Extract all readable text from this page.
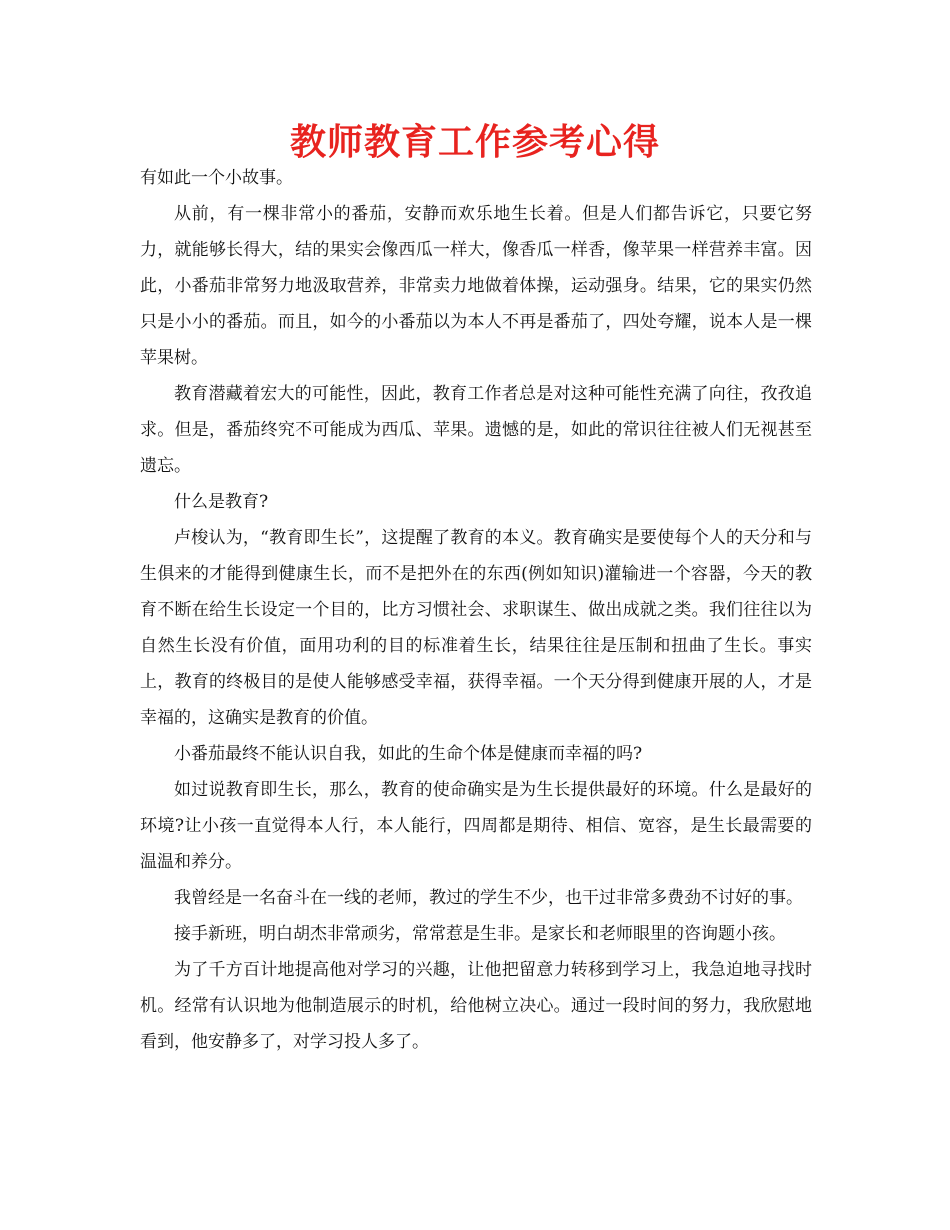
教师教育工作参考心得

有如此一个小故事。

从前，有一棵非常小的番茄，安静而欢乐地生长着。但是人们都告诉它，只要它努力，就能够长得大，结的果实会像西瓜一样大，像香瓜一样香，像苹果一样营养丰富。因此，小番茄非常努力地汲取营养，非常卖力地做着体操，运动强身。结果，它的果实仍然只是小小的番茄。而且，如今的小番茄以为本人不再是番茄了，四处夸耀，说本人是一棵苹果树。

教育潜藏着宏大的可能性，因此，教育工作者总是对这种可能性充满了向往，孜孜追求。但是，番茄终究不可能成为西瓜、苹果。遗憾的是，如此的常识往往被人们无视甚至遗忘。

什么是教育?

卢梭认为，“教育即生长”，这提醒了教育的本义。教育确实是要使每个人的天分和与生俱来的才能得到健康生长，而不是把外在的东西(例如知识)灌输进一个容器，今天的教育不断在给生长设定一个目的，比方习惯社会、求职谋生、做出成就之类。我们往往以为自然生长没有价值，面用功利的目的标准着生长，结果往往是压制和扭曲了生长。事实上，教育的终极目的是使人能够感受幸福，获得幸福。一个天分得到健康开展的人，才是幸福的，这确实是教育的价值。

小番茄最终不能认识自我，如此的生命个体是健康而幸福的吗?

如过说教育即生长，那么，教育的使命确实是为生长提供最好的环境。什么是最好的环境?让小孩一直觉得本人行，本人能行，四周都是期待、相信、宽容，是生长最需要的温温和养分。

我曾经是一名奋斗在一线的老师，教过的学生不少，也干过非常多费劲不讨好的事。

接手新班，明白胡杰非常顽劣，常常惹是生非。是家长和老师眼里的咨询题小孩。

为了千方百计地提高他对学习的兴趣，让他把留意力转移到学习上，我急迫地寻找时机。经常有认识地为他制造展示的时机，给他树立决心。通过一段时间的努力，我欣慰地看到，他安静多了，对学习投人多了。
